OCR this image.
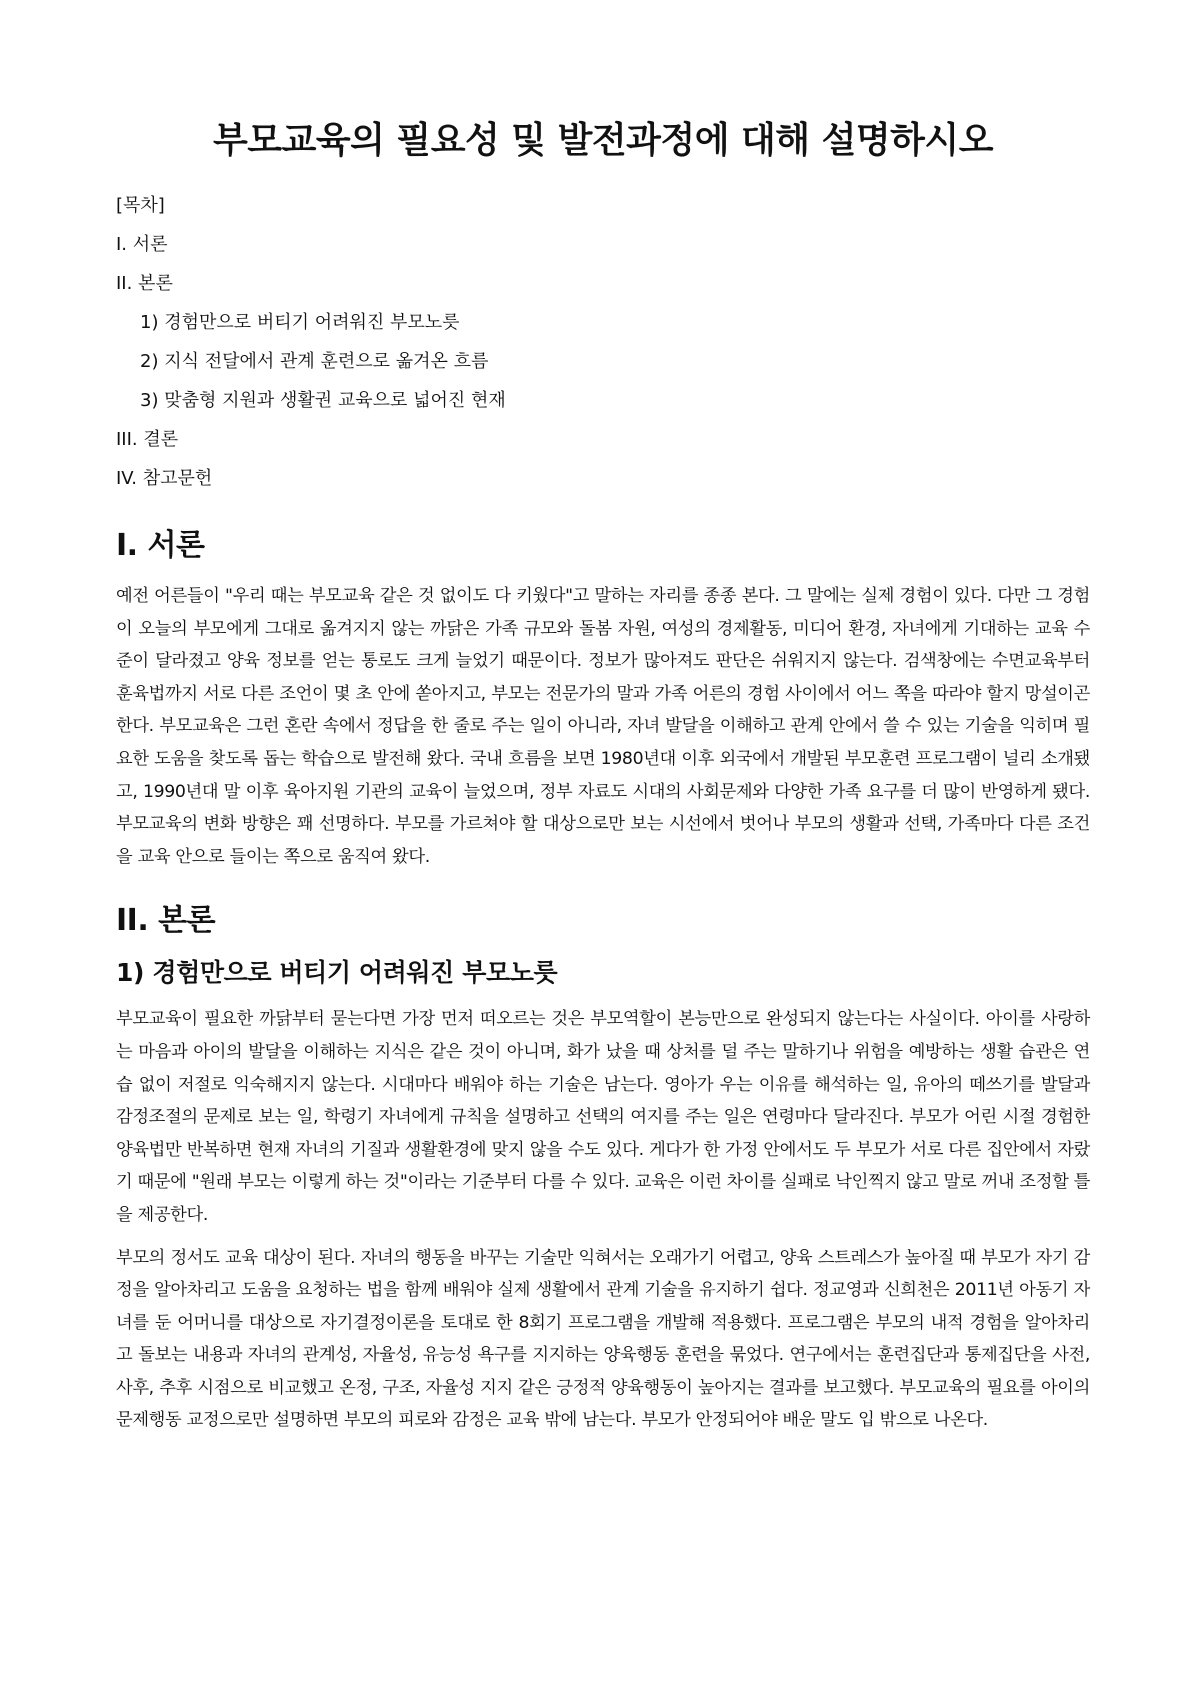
부모교육의 필요성 및 발전과정에 대해 설명하시오
[목차]
I. 서론
II. 본론
1) 경험만으로 버티기 어려워진 부모노릇
2) 지식 전달에서 관계 훈련으로 옮겨온 흐름
3) 맞춤형 지원과 생활권 교육으로 넓어진 현재
III. 결론
IV. 참고문헌
I. 서론

예전 어른들이 "우리 때는 부모교육 같은 것 없이도 다 키웠다"고 말하는 자리를 종종 본다. 그 말에는 실제 경험이 있다. 다만 그 경험이 오늘의 부모에게 그대로 옮겨지지 않는 까닭은 가족 규모와 돌봄 자원, 여성의 경제활동, 미디어 환경, 자녀에게 기대하는 교육 수준이 달라졌고 양육 정보를 얻는 통로도 크게 늘었기 때문이다. 정보가 많아져도 판단은 쉬워지지 않는다. 검색창에는 수면교육부터 훈육법까지 서로 다른 조언이 몇 초 안에 쏟아지고, 부모는 전문가의 말과 가족 어른의 경험 사이에서 어느 쪽을 따라야 할지 망설이곤 한다. 부모교육은 그런 혼란 속에서 정답을 한 줄로 주는 일이 아니라, 자녀 발달을 이해하고 관계 안에서 쓸 수 있는 기술을 익히며 필요한 도움을 찾도록 돕는 학습으로 발전해 왔다. 국내 흐름을 보면 1980년대 이후 외국에서 개발된 부모훈련 프로그램이 널리 소개됐고, 1990년대 말 이후 육아지원 기관의 교육이 늘었으며, 정부 자료도 시대의 사회문제와 다양한 가족 요구를 더 많이 반영하게 됐다. 부모교육의 변화 방향은 꽤 선명하다. 부모를 가르쳐야 할 대상으로만 보는 시선에서 벗어나 부모의 생활과 선택, 가족마다 다른 조건을 교육 안으로 들이는 쪽으로 움직여 왔다.

II. 본론
1) 경험만으로 버티기 어려워진 부모노릇

부모교육이 필요한 까닭부터 묻는다면 가장 먼저 떠오르는 것은 부모역할이 본능만으로 완성되지 않는다는 사실이다. 아이를 사랑하는 마음과 아이의 발달을 이해하는 지식은 같은 것이 아니며, 화가 났을 때 상처를 덜 주는 말하기나 위험을 예방하는 생활 습관은 연습 없이 저절로 익숙해지지 않는다. 시대마다 배워야 하는 기술은 남는다. 영아가 우는 이유를 해석하는 일, 유아의 떼쓰기를 발달과 감정조절의 문제로 보는 일, 학령기 자녀에게 규칙을 설명하고 선택의 여지를 주는 일은 연령마다 달라진다. 부모가 어린 시절 경험한 양육법만 반복하면 현재 자녀의 기질과 생활환경에 맞지 않을 수도 있다. 게다가 한 가정 안에서도 두 부모가 서로 다른 집안에서 자랐기 때문에 "원래 부모는 이렇게 하는 것"이라는 기준부터 다를 수 있다. 교육은 이런 차이를 실패로 낙인찍지 않고 말로 꺼내 조정할 틀을 제공한다.

부모의 정서도 교육 대상이 된다. 자녀의 행동을 바꾸는 기술만 익혀서는 오래가기 어렵고, 양육 스트레스가 높아질 때 부모가 자기 감정을 알아차리고 도움을 요청하는 법을 함께 배워야 실제 생활에서 관계 기술을 유지하기 쉽다. 정교영과 신희천은 2011년 아동기 자녀를 둔 어머니를 대상으로 자기결정이론을 토대로 한 8회기 프로그램을 개발해 적용했다. 프로그램은 부모의 내적 경험을 알아차리고 돌보는 내용과 자녀의 관계성, 자율성, 유능성 욕구를 지지하는 양육행동 훈련을 묶었다. 연구에서는 훈련집단과 통제집단을 사전, 사후, 추후 시점으로 비교했고 온정, 구조, 자율성 지지 같은 긍정적 양육행동이 높아지는 결과를 보고했다. 부모교육의 필요를 아이의 문제행동 교정으로만 설명하면 부모의 피로와 감정은 교육 밖에 남는다. 부모가 안정되어야 배운 말도 입 밖으로 나온다.
